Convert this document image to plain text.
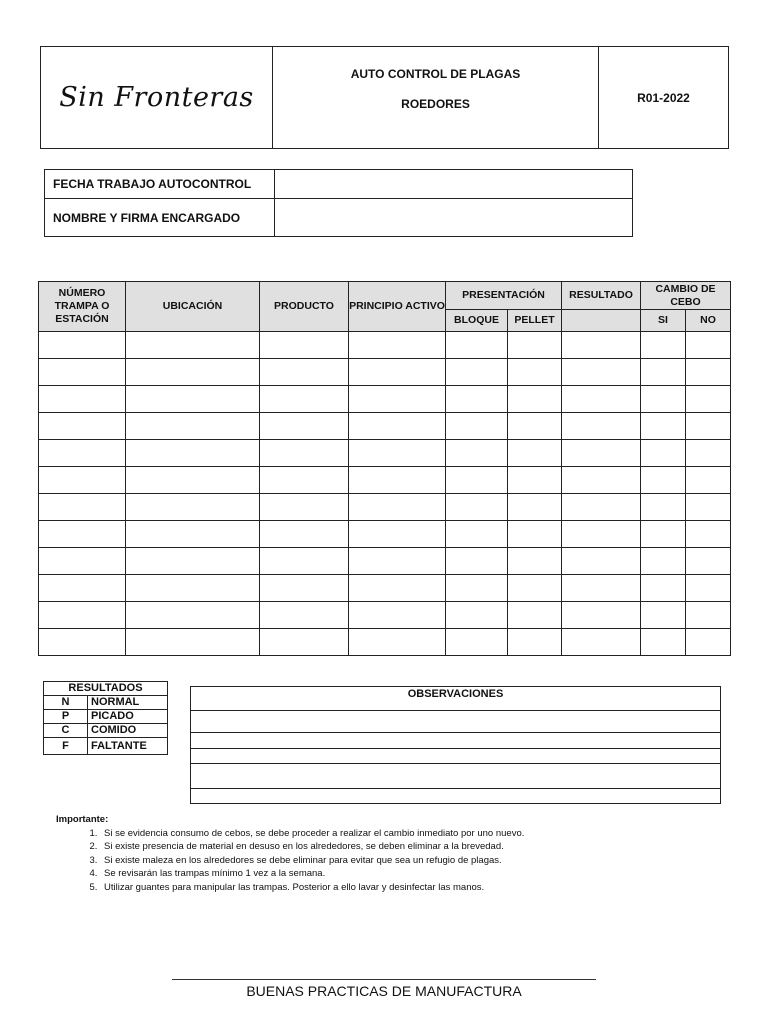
Sin Fronteras
AUTO CONTROL DE PLAGAS
ROEDORES	R01-2022
FECHA TRABAJO AUTOCONTROL
NOMBRE Y FIRMA ENCARGADO
NÚMERO TRAMPA O ESTACIÓN	UBICACIÓN	PRODUCTO	PRINCIPIO ACTIVO	PRESENTACIÓN		RESULTADO	CAMBIO DE CEBO	
				BLOQUE	PELLET		SI	NO

RESULTADOS	
N	NORMAL
P	PICADO
C	COMIDO
F	FALTANTE
OBSERVACIONES

Importante:
1. Si se evidencia consumo de cebos, se debe proceder a realizar el cambio inmediato por uno nuevo.
2. Si existe presencia de material en desuso en los alrededores, se deben eliminar a la brevedad.
3. Si existe maleza en los alrededores se debe eliminar para evitar que sea un refugio de plagas.
4. Se revisarán las trampas mínimo 1 vez a la semana.
5. Utilizar guantes para manipular las trampas. Posterior a ello lavar y desinfectar las manos.
BUENAS PRACTICAS DE MANUFACTURA
